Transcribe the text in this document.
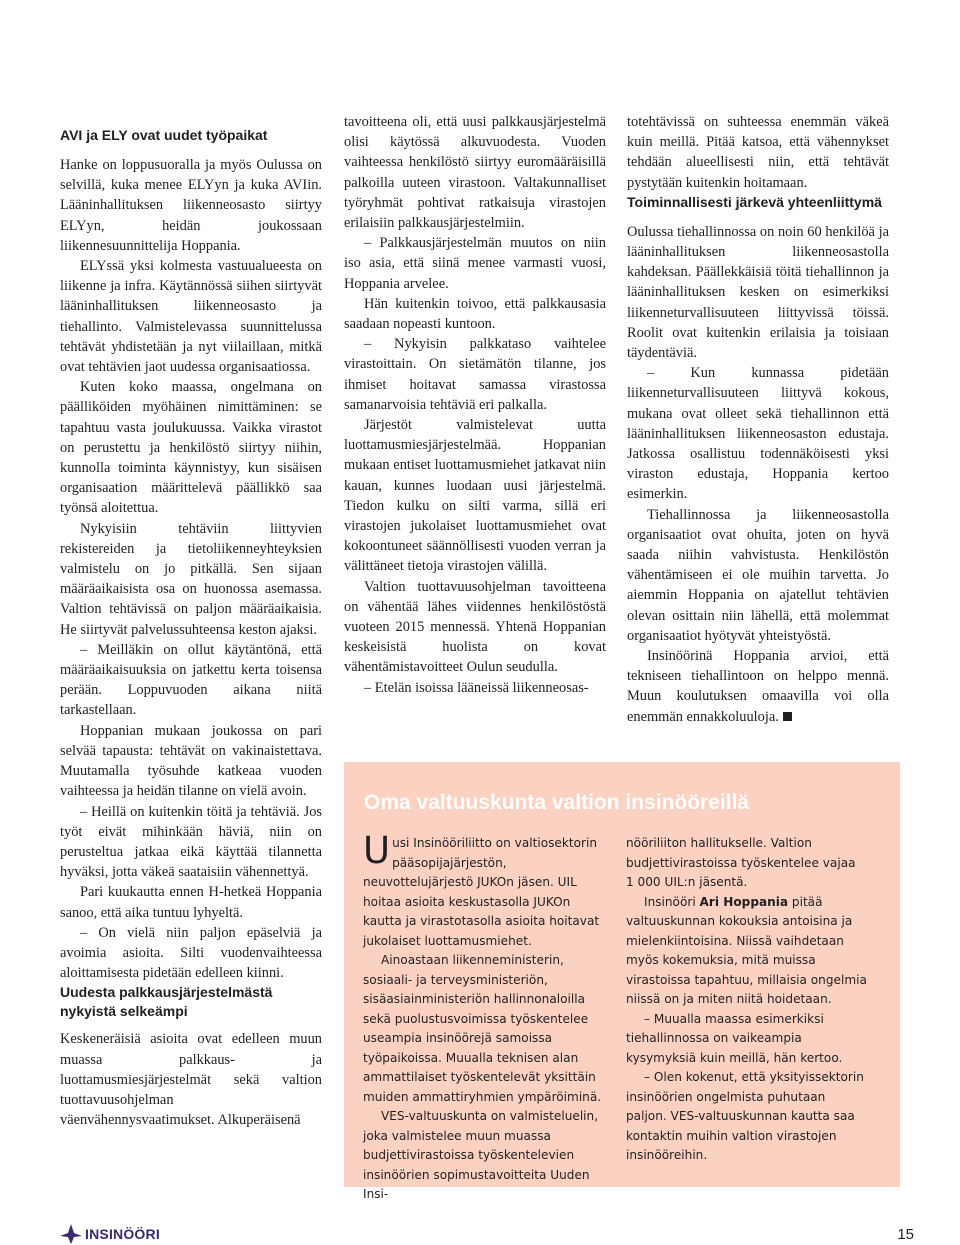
AVI ja ELY ovat uudet työpaikat

Hanke on loppusuoralla ja myös Oulussa on selvillä, kuka menee ELYyn ja kuka AVIin. Lääninhallituksen liikenneosasto siirtyy ELYyn, heidän joukossaan liikennesuunnittelija Hoppania.

ELYssä yksi kolmesta vastuualueesta on liikenne ja infra. Käytännössä siihen siirtyvät lääninhallituksen liikenneosasto ja tiehallinto. Valmistelevassa suunnittelussa tehtävät yhdistetään ja nyt viilaillaan, mitkä ovat tehtävien jaot uudessa organisaatiossa.

Kuten koko maassa, ongelmana on päälliköiden myöhäinen nimittäminen: se tapahtuu vasta joulukuussa. Vaikka virastot on perustettu ja henkilöstö siirtyy niihin, kunnolla toiminta käynnistyy, kun sisäisen organisaation määrittelevä päällikkö saa työnsä aloitettua.

Nykyisiin tehtäviin liittyvien rekistereiden ja tietoliikenneyhteyksien valmistelu on jo pitkällä. Sen sijaan määräaikaisista osa on huonossa asemassa. Valtion tehtävissä on paljon määräaikaisia. He siirtyvät palvelussuhteensa keston ajaksi.

– Meilläkin on ollut käytäntönä, että määräaikaisuuksia on jatkettu kerta toisensa perään. Loppuvuoden aikana niitä tarkastellaan.

Hoppanian mukaan joukossa on pari selvää tapausta: tehtävät on vakinaistettava. Muutamalla työsuhde katkeaa vuoden vaihteessa ja heidän tilanne on vielä avoin.

– Heillä on kuitenkin töitä ja tehtäviä. Jos työt eivät mihinkään häviä, niin on perusteltua jatkaa eikä käyttää tilannetta hyväksi, jotta väkeä saataisiin vähennettyä.

Pari kuukautta ennen H-hetkeä Hoppania sanoo, että aika tuntuu lyhyeltä.

– On vielä niin paljon epäselviä ja avoimia asioita. Silti vuodenvaihteessa aloittamisesta pidetään edelleen kiinni.

Uudesta palkkausjärjestelmästä nykyistä selkeämpi

Keskeneräisiä asioita ovat edelleen muun muassa palkkaus- ja luottamusmiesjärjestelmät sekä valtion tuottavuusohjelman väenvähennysvaatimukset. Alkuperäisenä

tavoitteena oli, että uusi palkkausjärjestelmä olisi käytössä alkuvuodesta. Vuoden vaihteessa henkilöstö siirtyy euromääräisillä palkoilla uuteen virastoon. Valtakunnalliset työryhmät pohtivat ratkaisuja virastojen erilaisiin palkkausjärjestelmiin.

– Palkkausjärjestelmän muutos on niin iso asia, että siinä menee varmasti vuosi, Hoppania arvelee.

Hän kuitenkin toivoo, että palkkausasia saadaan nopeasti kuntoon.

– Nykyisin palkkataso vaihtelee virastoittain. On sietämätön tilanne, jos ihmiset hoitavat samassa virastossa samanarvoisia tehtäviä eri palkalla.

Järjestöt valmistelevat uutta luottamusmiesjärjestelmää. Hoppanian mukaan entiset luottamusmiehet jatkavat niin kauan, kunnes luodaan uusi järjestelmä. Tiedon kulku on silti varma, sillä eri virastojen jukolaiset luottamusmiehet ovat kokoontuneet säännöllisesti vuoden verran ja välittäneet tietoja virastojen välillä.

Valtion tuottavuusohjelman tavoitteena on vähentää lähes viidennes henkilöstöstä vuoteen 2015 mennessä. Yhtenä Hoppanian keskeisistä huolista on kovat vähentämistavoitteet Oulun seudulla.

– Etelän isoissa lääneissä liikenneosas-

totehtävissä on suhteessa enemmän väkeä kuin meillä. Pitää katsoa, että vähennykset tehdään alueellisesti niin, että tehtävät pystytään kuitenkin hoitamaan.

Toiminnallisesti järkevä yhteenliittymä

Oulussa tiehallinnossa on noin 60 henkilöä ja lääninhallituksen liikenneosastolla kahdeksan. Päällekkäisiä töitä tiehallinnon ja lääninhallituksen kesken on esimerkiksi liikenneturvallisuuteen liittyvissä töissä. Roolit ovat kuitenkin erilaisia ja toisiaan täydentäviä.

– Kun kunnassa pidetään liikenneturvallisuuteen liittyvä kokous, mukana ovat olleet sekä tiehallinnon että lääninhallituksen liikenneosaston edustaja. Jatkossa osallistuu todennäköisesti yksi viraston edustaja, Hoppania kertoo esimerkin.

Tiehallinnossa ja liikenneosastolla organisaatiot ovat ohuita, joten on hyvä saada niihin vahvistusta. Henkilöstön vähentämiseen ei ole muihin tarvetta. Jo aiemmin Hoppania on ajatellut tehtävien olevan osittain niin lähellä, että molemmat organisaatiot hyötyvät yhteistyöstä.

Insinöörinä Hoppania arvioi, että tekniseen tiehallintoon on helppo mennä. Muun koulutuksen omaavilla voi olla enemmän ennakkoluuloja.

Oma valtuuskunta valtion insinööreillä

Uusi Insinööriliitto on valtiosektorin pääsopijajärjestön, neuvottelujärjestö JUKOn jäsen. UIL hoitaa asioita keskustasolla JUKOn kautta ja virastotasolla asioita hoitavat jukolaiset luottamusmiehet.

Ainoastaan liikenneministerin, sosiaali- ja terveysministeriön, sisäasiainministeriön hallinnonaloilla sekä puolustusvoimissa työskentelee useampia insinöörejä samoissa työpaikoissa. Muualla teknisen alan ammattilaiset työskentelevät yksittäin muiden ammattiryhmien ympäröiminä.

VES-valtuuskunta on valmisteluelin, joka valmistelee muun muassa budjettivirastoissa työskentelevien insinöörien sopimustavoitteita Uuden Insi-

nööriliiton hallitukselle. Valtion budjettivirastoissa työskentelee vajaa 1 000 UIL:n jäsentä.

Insinööri Ari Hoppania pitää valtuuskunnan kokouksia antoisina ja mielenkiintoisina. Niissä vaihdetaan myös kokemuksia, mitä muissa virastoissa tapahtuu, millaisia ongelmia niissä on ja miten niitä hoidetaan.

– Muualla maassa esimerkiksi tiehallinnossa on vaikeampia kysymyksiä kuin meillä, hän kertoo.

– Olen kokenut, että yksityissektorin insinöörien ongelmista puhutaan paljon. VES-valtuuskunnan kautta saa kontaktin muihin valtion virastojen insinööreihin.

INSINÖÖRI	15
